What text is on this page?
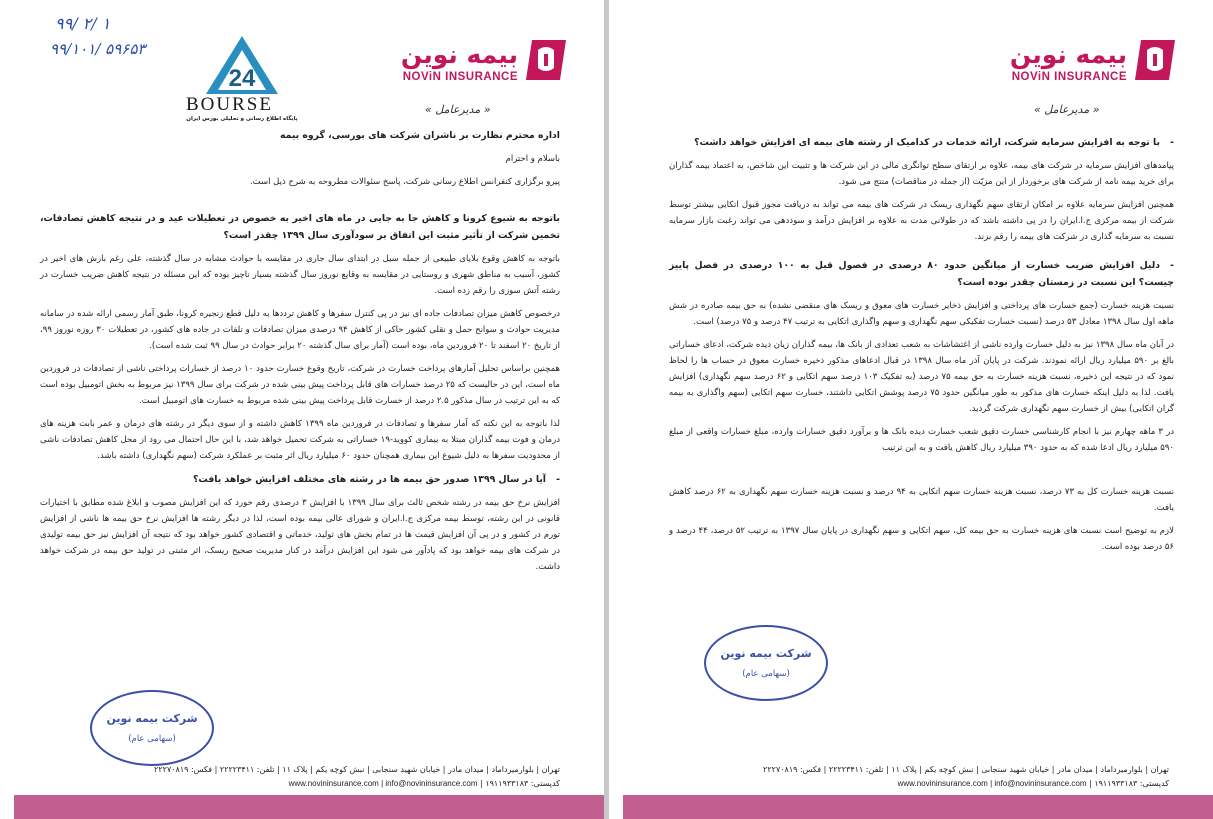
۹۹/ ۲/ ۱
۹۹/۱۰۱/ ۵۹۶۵۳
24
BOURSE
پایگاه اطلاع رسانی و تحلیلی بورس ایران
بیمه نوین
NOViN INSURANCE
« مدیرعامل »

اداره محترم نظارت بر ناشران شرکت های بورسی، گروه بیمه

باسلام و احترام

پیرو برگزاری کنفرانس اطلاع رسانی شرکت، پاسخ سئوالات مطروحه به شرح ذیل است.

باتوجه به شیوع کرونا و کاهش جا به جایی در ماه های اخیر به خصوص در تعطیلات عید و در نتیجه کاهش تصادفات، تخمین شرکت از تأثیر مثبت این اتفاق بر سودآوری سال ۱۳۹۹ چقدر است؟

باتوجه به کاهش وقوع بلایای طبیعی از جمله سیل در ابتدای سال جاری در مقایسه با حوادث مشابه در سال گذشته، علی رغم بارش های اخیر در کشور، آسیب به مناطق شهری و روستایی در مقایسه به وقایع نوروز سال گذشته بسیار ناچیز بوده که این مسئله در نتیجه کاهش ضریب خسارت در رشته آتش سوزی را رقم زده است.

درخصوص کاهش میزان تصادفات جاده ای نیز در پی کنترل سفرها و کاهش ترددها به دلیل قطع زنجیره کرونا، طبق آمار رسمی ارائه شده در سامانه مدیریت حوادث و سوانح حمل و نقلی کشور حاکی از کاهش ۹۴ درصدی میزان تصادفات و تلفات در جاده های کشور، در تعطیلات ۳۰ روزه نوروز ۹۹، از تاریخ ۲۰ اسفند تا ۲۰ فروردین ماه، بوده است (آمار برای سال گذشته ۲۰ برابر حوادث در سال ۹۹ ثبت شده است).

همچنین براساس تحلیل آمارهای پرداخت خسارت در شرکت، تاریخ وقوع خسارت حدود ۱۰ درصد از خسارات پرداختی ناشی از تصادفات در فروردین ماه است، این در حالیست که ۲۵ درصد خسارات های قابل پرداخت پیش بینی شده در شرکت برای سال ۱۳۹۹ نیز مربوط به بخش اتومبیل بوده است که به این ترتیب در سال مذکور ۲.۵ درصد از خسارت قابل پرداخت پیش بینی شده مربوط به خسارت های اتومبیل است.

لذا باتوجه به این نکته که آمار سفرها و تصادفات در فروردین ماه ۱۳۹۹ کاهش داشته و از سوی دیگر در رشته های درمان و عمر بابت هزینه های درمان و فوت بیمه گذاران مبتلا به بیماری کووید-۱۹ خساراتی به شرکت تحمیل خواهد شد، با این حال احتمال می رود از محل کاهش تصادفات ناشی از محدودیت سفرها به دلیل شیوع این بیماری همچنان حدود ۶۰ میلیارد ریال اثر مثبت بر عملکرد شرکت (سهم نگهداری) داشته باشد.

-آیا در سال ۱۳۹۹ صدور حق بیمه ها در رشته های مختلف افزایش خواهد یافت؟

افزایش نرخ حق بیمه در رشته شخص ثالث برای سال ۱۳۹۹ با افزایش ۳ درصدی رقم خورد که این افزایش مصوب و ابلاغ شده مطابق با اختیارات قانونی در این رشته، توسط بیمه مرکزی ج.ا.ایران و شورای عالی بیمه بوده است، لذا در دیگر رشته ها افزایش نرخ حق بیمه ها ناشی از افزایش تورم در کشور و در پی آن افزایش قیمت ها در تمام بخش های تولید، خدماتی و اقتصادی کشور خواهد بود که نتیجه آن افزایش نیز حق بیمه تولیدی در شرکت های بیمه خواهد بود که پادآور می شود این افزایش درآمد در کنار مدیریت صحیح ریسک، اثر مثبتی در تولید حق بیمه در شرکت خواهد داشت.

شرکت بیمه نوین
(سهامی عام)
تهران | بلوارمیرداماد | میدان مادر | خیابان شهید سنجابی | نبش کوچه یکم | پلاک ۱۱ | تلفن: ۲۲۲۲۳۴۱۱ | فکس: ۲۲۲۷۰۸۱۹
کدپستی: ۱۹۱۱۹۳۳۱۸۳ | www.novininsurance.com | info@novininsurance.com
بیمه نوین
NOViN INSURANCE
« مدیرعامل »

-با توجه به افزایش سرمایه شرکت، ارائه خدمات در کدامیک از رشته های بیمه ای افزایش خواهد داشت؟

پیامدهای افزایش سرمایه در شرکت های بیمه، علاوه بر ارتقای سطح توانگری مالی در این شرکت ها و تثبیت این شاخص، به اعتماد بیمه گذاران برای خرید بیمه نامه از شرکت های برخوردار از این مزیّت (از جمله در مناقصات) منتج می شود.

همچنین افزایش سرمایه علاوه بر امکان ارتقای سهم نگهداری ریسک در شرکت های بیمه می تواند به دریافت مجوز قبول اتکایی بیشتر توسط شرکت از بیمه مرکزی ج.ا.ایران را در پی داشته باشد که در طولانی مدت به علاوه بر افزایش درآمد و سوددهی می تواند رغبت بازار سرمایه نسبت به سرمایه گذاری در شرکت های بیمه را رقم بزند.

-دلیل افزایش ضریب خسارت از میانگین حدود ۸۰ درصدی در فصول قبل به ۱۰۰ درصدی در فصل پاییز چیست؟ این نسبت در زمستان چقدر بوده است؟

نسبت هزینه خسارت (جمع خسارت های پرداختی و افزایش ذخایر خسارت های معوق و ریسک های منقضی نشده) به حق بیمه صادره در شش ماهه اول سال ۱۳۹۸ معادل ۵۳ درصد (نسبت خسارت تفکیکی سهم نگهداری و سهم واگذاری اتکایی به ترتیب ۴۷ درصد و ۷۵ درصد) است.

در آبان ماه سال ۱۳۹۸ نیز به دلیل خسارت وارده ناشی از اغتشاشات به شعب تعدادی از بانک ها، بیمه گذاران زیان دیده شرکت، ادعای خساراتی بالغ بر ۵۹۰ میلیارد ریال ارائه نمودند. شرکت در پایان آذر ماه سال ۱۳۹۸ در قبال ادعاهای مذکور ذخیره خسارت معوق در حساب ها را لحاظ نمود که در نتیجه این ذخیره، نسبت هزینه خسارت به حق بیمه ۷۵ درصد (به تفکیک ۱۰۳ درصد سهم اتکایی و ۶۲ درصد سهم نگهداری) افزایش یافت. لذا به دلیل اینکه خسارت های مذکور به طور میانگین حدود ۷۵ درصد پوشش اتکایی داشتند، خسارت سهم اتکایی (سهم واگذاری به بیمه گران اتکایی) بیش از خسارت سهم نگهداری شرکت گردید.

در ۳ ماهه چهارم نیز با انجام کارشناسی خسارت دقیق شعب خسارت دیده بانک ها و برآورد دقیق خسارات وارده، مبلغ خسارات واقعی از مبلغ ۵۹۰ میلیارد ریال ادعا شده که به حدود ۳۹۰ میلیارد ریال کاهش یافت و به این ترتیب

نسبت هزینه خسارت کل به ۷۳ درصد، نسبت هزینه خسارت سهم اتکایی به ۹۴ درصد و نسبت هزینه خسارت سهم نگهداری به ۶۲ درصد کاهش یافت.

لازم به توضیح است نسبت های هزینه خسارت به حق بیمه کل، سهم اتکایی و سهم نگهداری در پایان سال ۱۳۹۷ به ترتیب ۵۲ درصد، ۴۴ درصد و ۵۶ درصد بوده است.

شرکت بیمه نوین
(سهامی عام)
تهران | بلوارمیرداماد | میدان مادر | خیابان شهید سنجابی | نبش کوچه یکم | پلاک ۱۱ | تلفن: ۲۲۲۲۳۴۱۱ | فکس: ۲۲۲۷۰۸۱۹
کدپستی: ۱۹۱۱۹۳۳۱۸۳ | www.novininsurance.com | info@novininsurance.com
